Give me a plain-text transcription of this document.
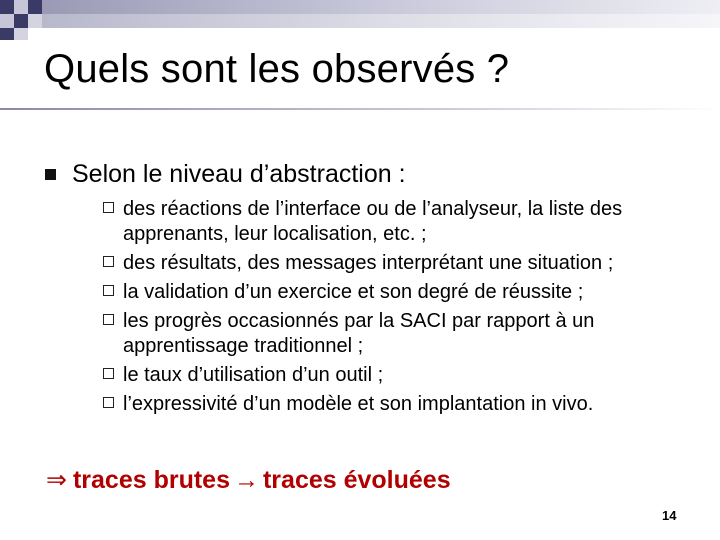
Quels sont les observés ?
Selon le niveau d’abstraction :
des réactions de l’interface ou de l’analyseur, la liste des apprenants, leur localisation, etc. ;
des résultats, des messages interprétant une situation ;
la validation d’un exercice et son degré de réussite ;
les progrès occasionnés par la SACI par rapport à un apprentissage traditionnel ;
le taux d’utilisation d’un outil ;
l’expressivité d’un modèle et son implantation in vivo.
⇒ traces brutes → traces évoluées
14
